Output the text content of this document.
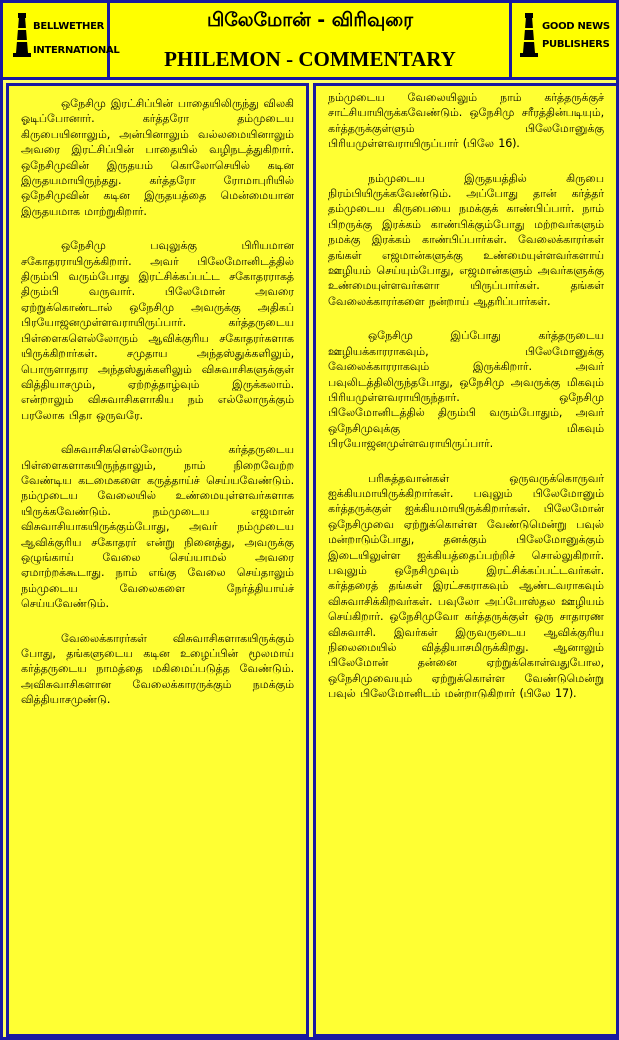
BELLWETHER
INTERNATIONAL
பிலேமோன் - விரிவுரை
PHILEMON - COMMENTARY
GOOD NEWS
PUBLISHERS

ஒநேசிமு இரட்சிப்பின் பாதையிலிருந்து விலகி ஓடிப்போனார். கர்த்தரோ தம்முடைய கிருபையினாலும், அன்பினாலும் வல்லமையினாலும் அவரை இரட்சிப்பின் பாதையில் வழிநடத்துகிறார். ஒநேசிமுவின் இருதயம் கொலோசெயில் கடின இருதயமாயிருந்தது. கர்த்தரோ ரோமாபுரியில் ஒநேசிமுவின் கடின இருதயத்தை மென்மையான இருதயமாக மாற்றுகிறார்.

ஒநேசிமு பவுலுக்கு பிரியமான சகோதரராயிருக்கிறார். அவர் பிலேமோனிடத்தில் திரும்பி வரும்போது இரட்சிக்கப்பட்ட சகோதரராகத் திரும்பி வருவார். பிலேமோன் அவரை ஏற்றுக்கொண்டால் ஒநேசிமு அவருக்கு அதிகப் பிரயோஜனமுள்ளவராயிருப்பார். கர்த்தருடைய பிள்ளைகளெல்லோரும் ஆவிக்குரிய சகோதரர்களாக யிருக்கிறார்கள். சமுதாய அந்தஸ்துக்களிலும், பொருளாதார அந்தஸ்துக்களிலும் விசுவாசிகளுக்குள் வித்தியாசமும், ஏற்றத்தாழ்வும் இருக்கலாம். என்றாலும் விசுவாசிகளாகிய நம் எல்லோருக்கும் பரலோக பிதா ஒருவரே.

விசுவாசிகளெல்லோரும் கர்த்தருடைய பிள்ளைகளாகயிருந்தாலும், நாம் நிறைவேற்ற வேண்டிய கடமைகளை கருத்தாய்ச் செய்யவேண்டும். நம்முடைய வேலையில் உண்மையுள்ளவர்களாக யிருக்கவேண்டும். நம்முடைய எஜமான் விசுவாசியாகயிருக்கும்போது, அவர் நம்முடைய ஆவிக்குரிய சகோதரர் என்று நினைத்து, அவருக்கு ஒழுங்காய் வேலை செய்யாமல் அவரை ஏமாற்றக்கூடாது. நாம் எங்கு வேலை செய்தாலும் நம்முடைய வேலைகளை நேர்த்தியாய்ச் செய்யவேண்டும்.

வேலைக்காரர்கள் விசுவாசிகளாகயிருக்கும் போது, தங்களுடைய கடின உழைப்பின் மூலமாய் கர்த்தருடைய நாமத்தை மகிமைப்படுத்த வேண்டும். அவிசுவாசிகளான வேலைக்காரருக்கும் நமக்கும் வித்தியாசமுண்டு.

நம்முடைய வேலையிலும் நாம் கர்த்தருக்குச் சாட்சியாயிருக்கவேண்டும். ஒநேசிமு சரீரத்தின்படியும், கர்த்தருக்குள்ளும் பிலேமோனுக்கு பிரியமுள்ளவராயிருப்பார் (பிலே 16).

நம்முடைய இருதயத்தில் கிருபை நிரம்பியிருக்கவேண்டும். அப்போது தான் கர்த்தர் தம்முடைய கிருபையை நமக்குக் காண்பிப்பார். நாம் பிறருக்கு இரக்கம் காண்பிக்கும்போது மற்றவர்களும் நமக்கு இரக்கம் காண்பிப்பார்கள். வேலைக்காரர்கள் தங்கள் எஜமான்களுக்கு உண்மையுள்ளவர்களாய் ஊழியம் செய்யும்போது, எஜமான்களும் அவர்களுக்கு உண்மையுள்ளவர்களா யிருப்பார்கள். தங்கள் வேலைக்காரர்களை நன்றாய் ஆதரிப்பார்கள்.

ஒநேசிமு இப்போது கர்த்தருடைய ஊழியக்காரராகவும், பிலேமோனுக்கு வேலைக்காரராகவும் இருக்கிறார். அவர் பவுலிடத்திலிருந்தபோது, ஒநேசிமு அவருக்கு மிகவும் பிரியமுள்ளவராயிருந்தார். ஒநேசிமு பிலேமோனிடத்தில் திரும்பி வரும்போதும், அவர் ஒநேசிமுவுக்கு மிகவும் பிரயோஜனமுள்ளவராயிருப்பார்.

பரிசுத்தவான்கள் ஒருவருக்கொருவர் ஐக்கியமாயிருக்கிறார்கள். பவுலும் பிலேமோனும் கர்த்தருக்குள் ஐக்கியமாயிருக்கிறார்கள். பிலேமோன் ஒநேசிமுவை ஏற்றுக்கொள்ள வேண்டுமென்று பவுல் மன்றாடும்போது, தனக்கும் பிலேமோனுக்கும் இடையிலுள்ள ஐக்கியத்தைப்பற்றிச் சொல்லுகிறார். பவுலும் ஒநேசிமுவும் இரட்சிக்கப்பட்டவர்கள். கர்த்தரைத் தங்கள் இரட்சகராகவும் ஆண்டவராகவும் விசுவாசிக்கிறவர்கள். பவுலோ அப்போஸ்தல ஊழியம் செய்கிறார். ஒநேசிமுவோ கர்த்தருக்குள் ஒரு சாதாரண விசுவாசி. இவர்கள் இருவருடைய ஆவிக்குரிய நிலைமையில் வித்தியாசமிருக்கிறது. ஆனாலும் பிலேமோன் தன்னை ஏற்றுக்கொள்வதுபோல, ஒநேசிமுவையும் ஏற்றுக்கொள்ள வேண்டுமென்று பவுல் பிலேமோனிடம் மன்றாடுகிறார் (பிலே 17).
